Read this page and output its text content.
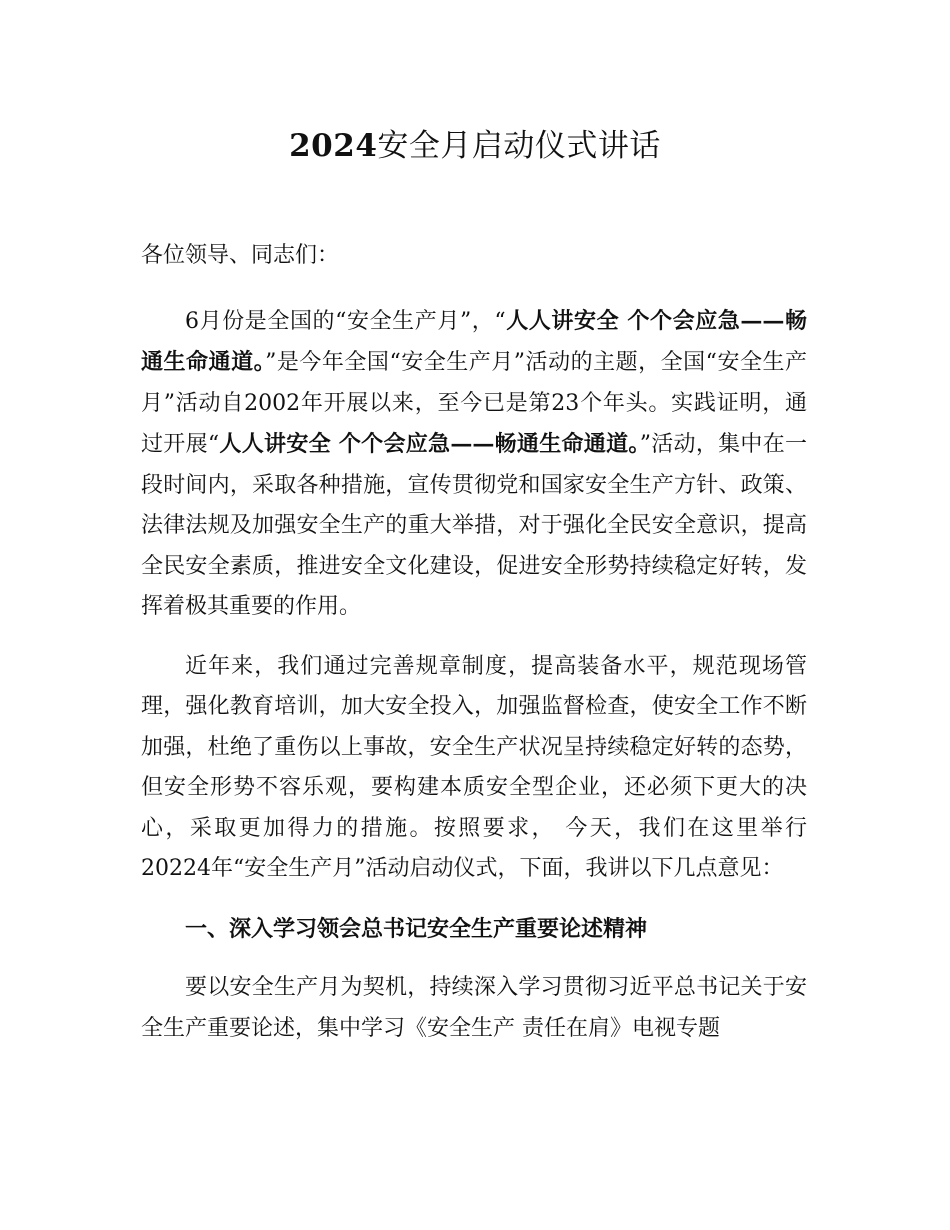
2024安全月启动仪式讲话

各位领导、同志们：

6月份是全国的“安全生产月”，“人人讲安全 个个会应急——畅通生命通道。”是今年全国“安全生产月”活动的主题，全国“安全生产月”活动自2002年开展以来，至今已是第23个年头。实践证明，通过开展“人人讲安全 个个会应急——畅通生命通道。”活动，集中在一段时间内，采取各种措施，宣传贯彻党和国家安全生产方针、政策、法律法规及加强安全生产的重大举措，对于强化全民安全意识，提高全民安全素质，推进安全文化建设，促进安全形势持续稳定好转，发挥着极其重要的作用。

近年来，我们通过完善规章制度，提高装备水平，规范现场管理，强化教育培训，加大安全投入，加强监督检查，使安全工作不断加强，杜绝了重伤以上事故，安全生产状况呈持续稳定好转的态势，但安全形势不容乐观，要构建本质安全型企业，还必须下更大的决心，采取更加得力的措施。按照要求， 今天，我们在这里举行20224年“安全生产月”活动启动仪式，下面，我讲以下几点意见：

一、深入学习领会总书记安全生产重要论述精神

要以安全生产月为契机，持续深入学习贯彻习近平总书记关于安全生产重要论述，集中学习《安全生产 责任在肩》电视专题
